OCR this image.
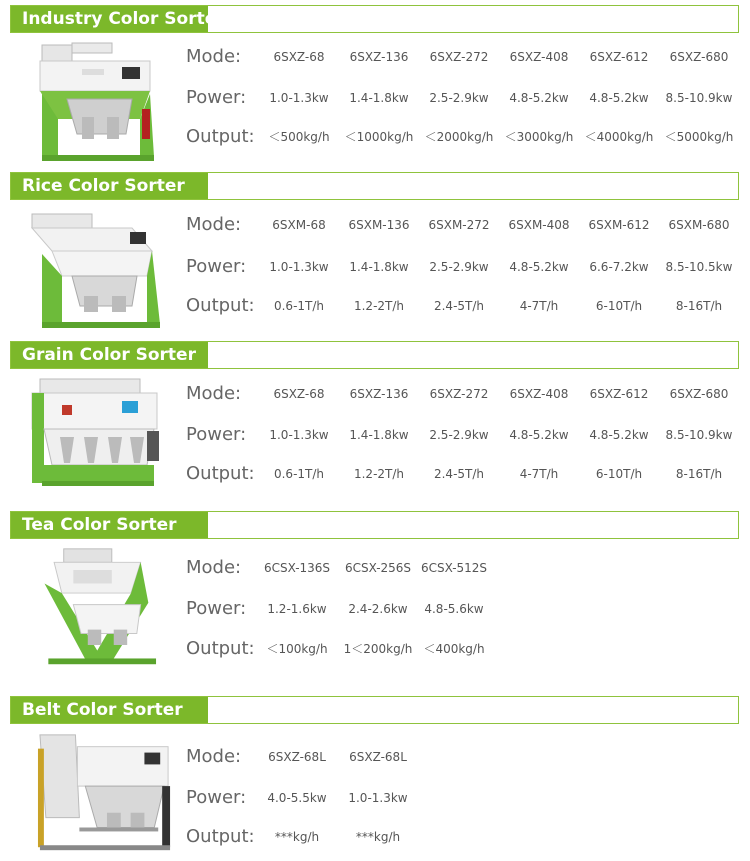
Industry Color Sorter
Mode:	6SXZ-68	6SXZ-136	6SXZ-272	6SXZ-408	6SXZ-612	6SXZ-680
Power:	1.0-1.3kw	1.4-1.8kw	2.5-2.9kw	4.8-5.2kw	4.8-5.2kw	8.5-10.9kw
Output:	＜500kg/h	＜1000kg/h ＜2000kg/h ＜3000kg/h ＜4000kg/h ＜5000kg/h
Rice Color Sorter
Mode:	6SXM-68	6SXM-136	6SXM-272	6SXM-408	6SXM-612	6SXM-680
Power:	1.0-1.3kw	1.4-1.8kw	2.5-2.9kw	4.8-5.2kw	6.6-7.2kw	8.5-10.5kw
Output:	0.6-1T/h	1.2-2T/h	2.4-5T/h	4-7T/h	6-10T/h	8-16T/h
Grain Color Sorter
Mode:	6SXZ-68	6SXZ-136	6SXZ-272	6SXZ-408	6SXZ-612	6SXZ-680
Power:	1.0-1.3kw	1.4-1.8kw	2.5-2.9kw	4.8-5.2kw	4.8-5.2kw	8.5-10.9kw
Output:	0.6-1T/h	1.2-2T/h	2.4-5T/h	4-7T/h	6-10T/h	8-16T/h
Tea Color Sorter
Mode:	6CSX-136S	6CSX-256S 6CSX-512S
Power:	1.2-1.6kw	2.4-2.6kw	4.8-5.6kw
Output: ＜100kg/h	1＜200kg/h ＜400kg/h
Belt Color Sorter
Mode:	6SXZ-68L	6SXZ-68L
Power:	4.0-5.5kw	1.0-1.3kw
Output:	***kg/h	***kg/h
